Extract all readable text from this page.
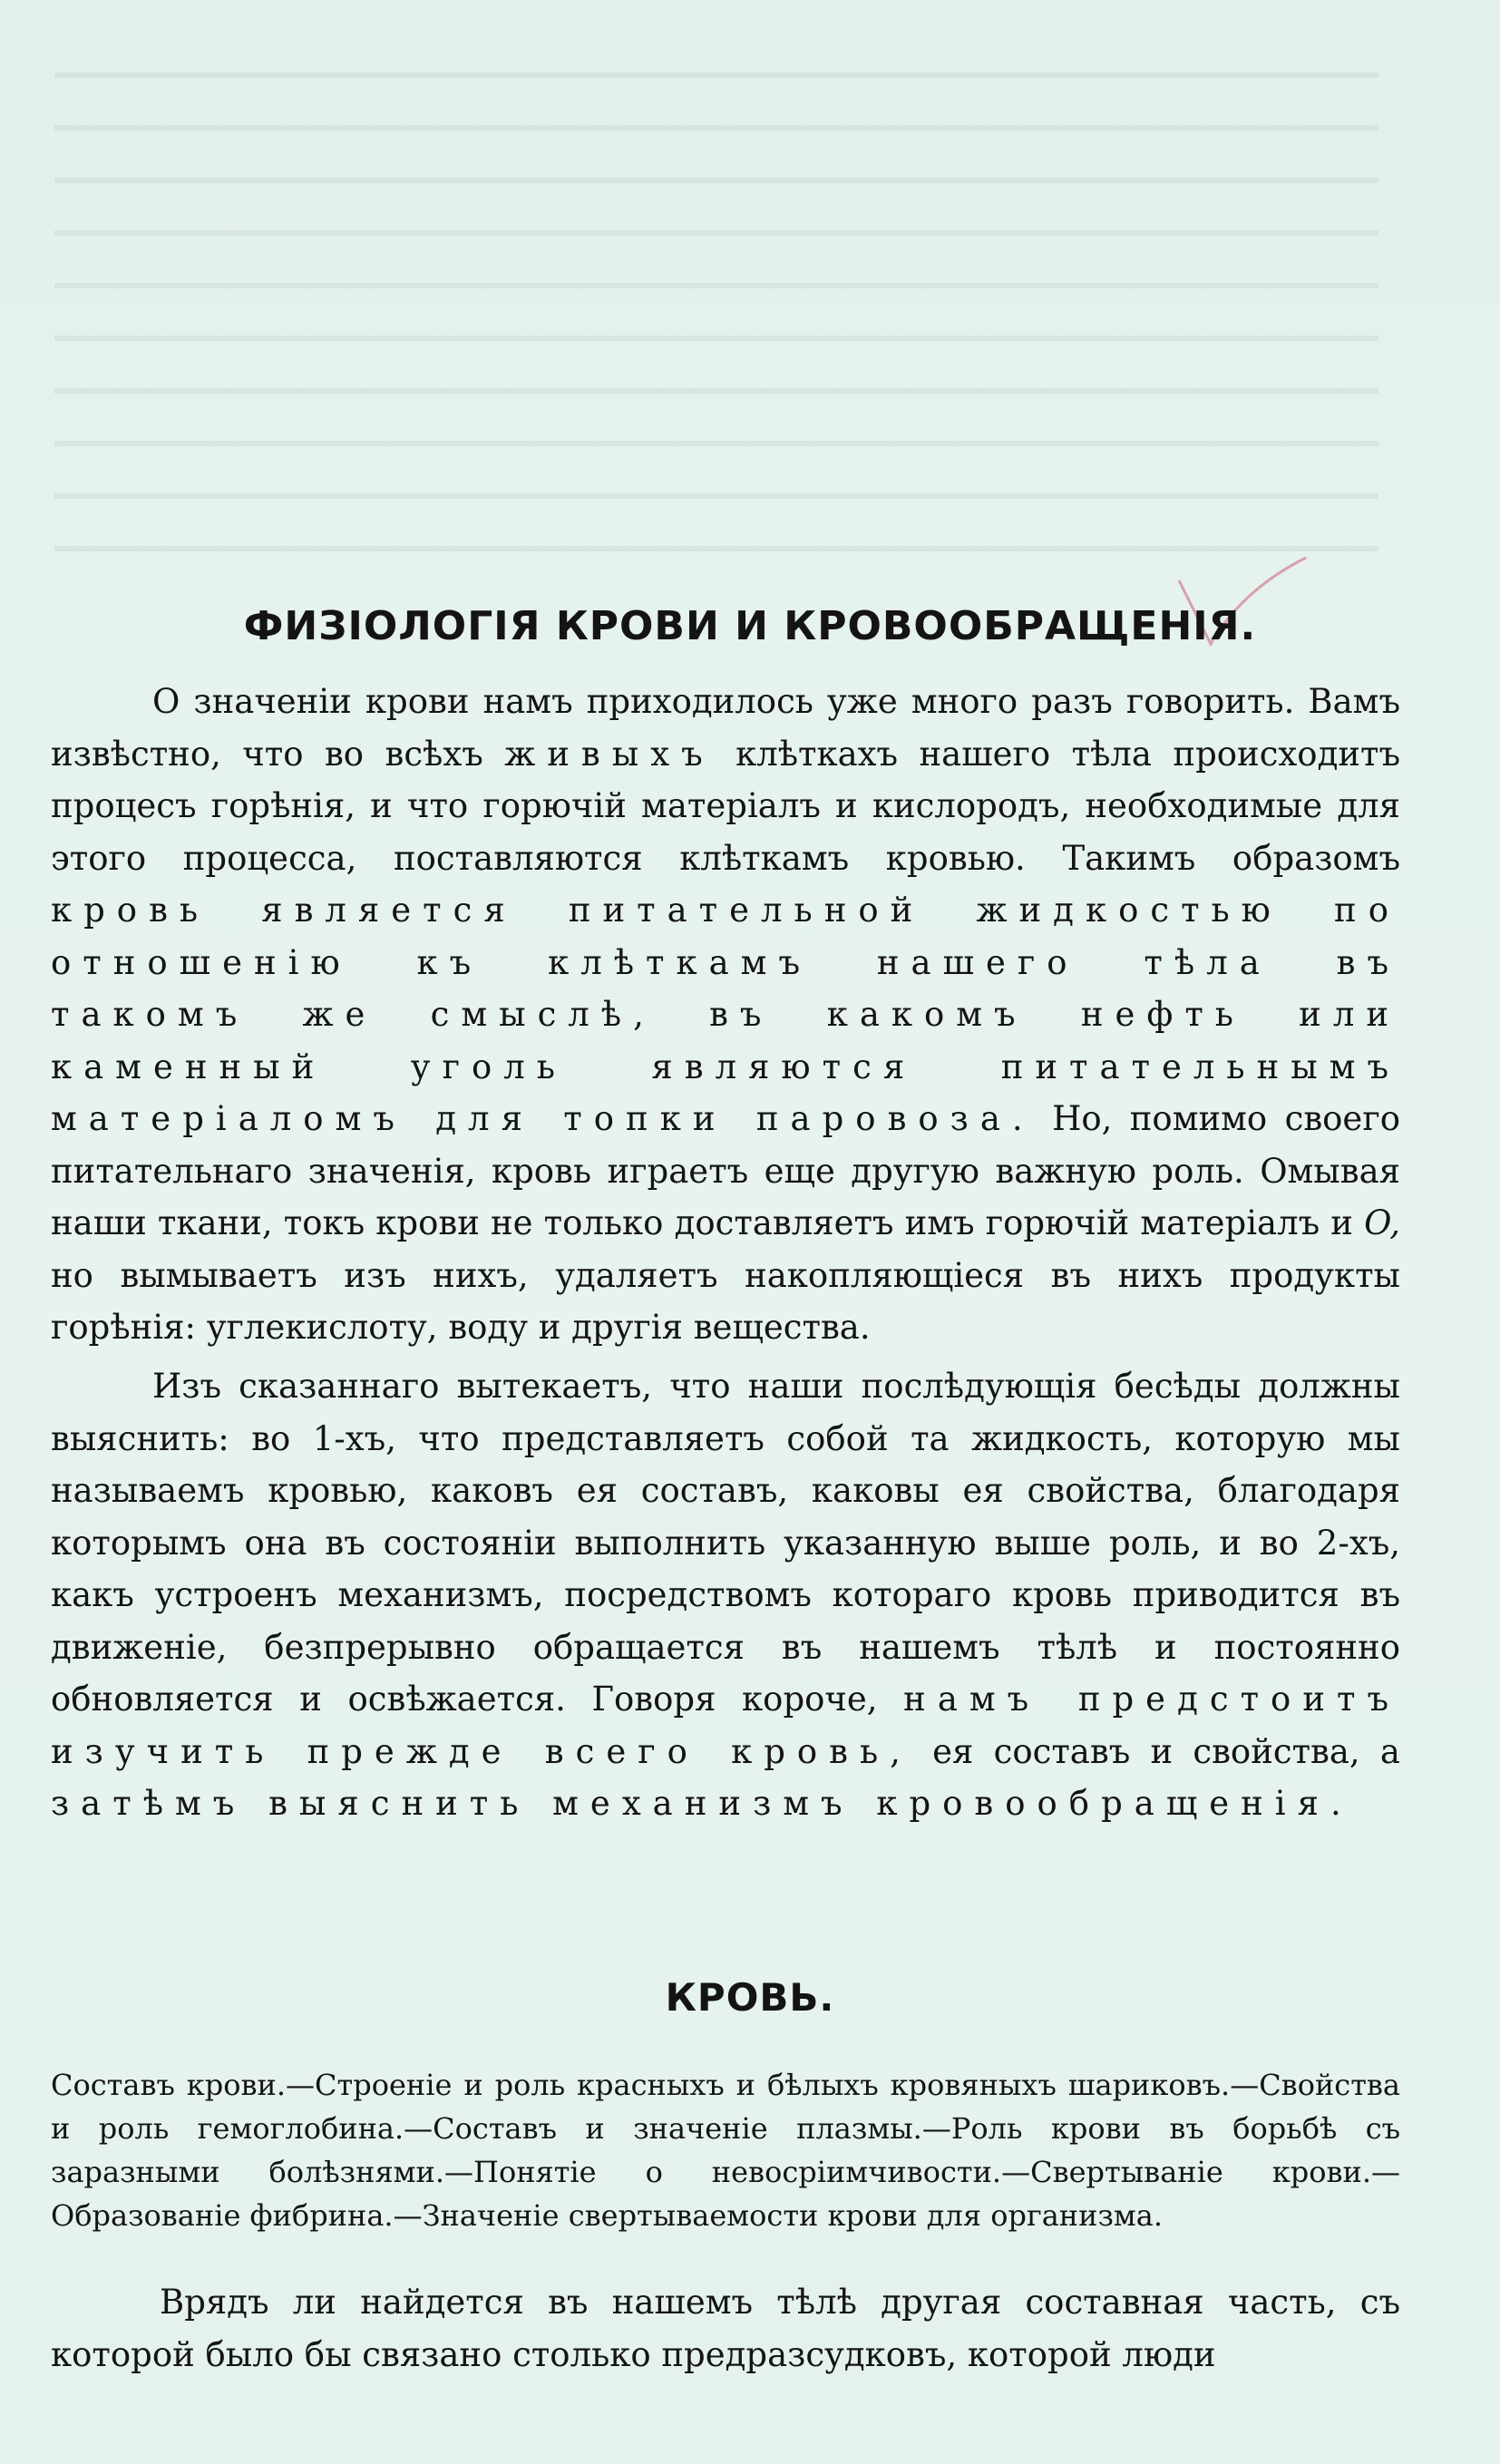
ФИЗІОЛОГІЯ КРОВИ И КРОВООБРАЩЕНІЯ.

О значеніи крови намъ приходилось уже много разъ говорить. Вамъ извѣстно, что во всѣхъ живыхъ клѣткахъ нашего тѣла происходитъ процесъ горѣнія, и что горючій матеріалъ и кислородъ, необходимые для этого процесса, поставляются клѣткамъ кровью. Такимъ образомъ кровь является питательной жидкостью по отношенію къ клѣткамъ нашего тѣла въ такомъ же смыслѣ, въ какомъ нефть или каменный уголь являются питательнымъ матеріаломъ для топки паровоза. Но, помимо своего питательнаго значенія, кровь играетъ еще другую важную роль. Омывая наши ткани, токъ крови не только доставляетъ имъ горючій матеріалъ и O, но вымываетъ изъ нихъ, удаляетъ накопляющіеся въ нихъ продукты горѣнія: углекислоту, воду и другія вещества.

Изъ сказаннаго вытекаетъ, что наши послѣдующія бесѣды должны выяснить: во 1-хъ, что представляетъ собой та жидкость, которую мы называемъ кровью, каковъ ея составъ, каковы ея свойства, благодаря которымъ она въ состояніи выполнить указанную выше роль, и во 2-хъ, какъ устроенъ механизмъ, посредствомъ котораго кровь приводится въ движеніе, безпрерывно обращается въ нашемъ тѣлѣ и постоянно обновляется и освѣжается. Говоря короче, намъ предстоитъ изучить прежде всего кровь, ея составъ и свойства, а затѣмъ выяснить механизмъ кровообращенія.

КРОВЬ.

Составъ крови.—Строеніе и роль красныхъ и бѣлыхъ кровяныхъ шариковъ.—Свойства и роль гемоглобина.—Составъ и значеніе плазмы.—Роль крови въ борьбѣ съ заразными болѣзнями.—Понятіе о невосрiимчивости.—Свертываніе крови.—Образованіе фибрина.—Значеніе свертываемости крови для организма.

Врядъ ли найдется въ нашемъ тѣлѣ другая составная часть, съ которой было бы связано столько предразсудковъ, которой люди
